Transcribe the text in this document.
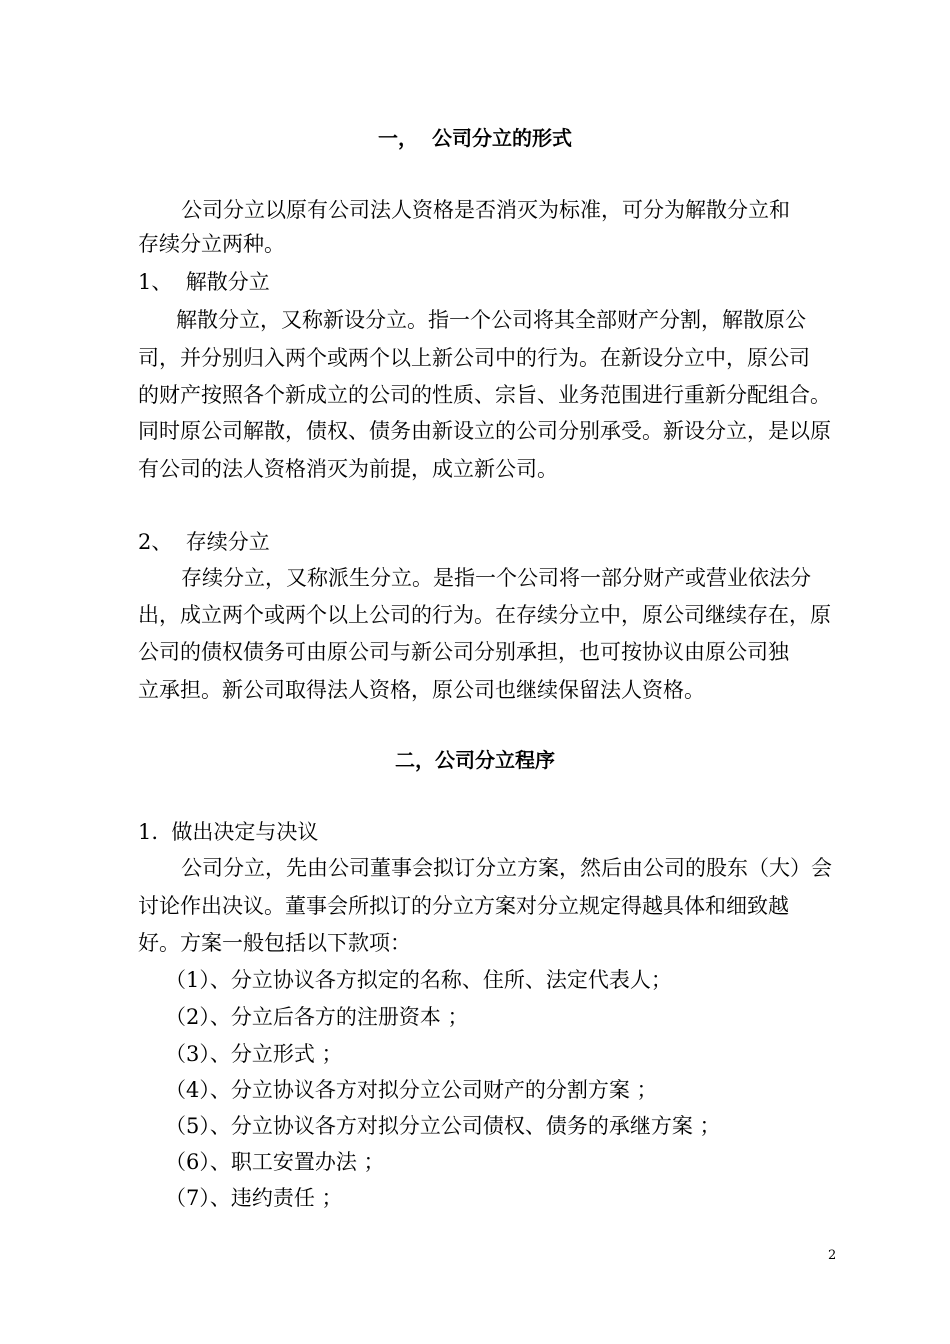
一，  公司分立的形式
公司分立以原有公司法人资格是否消灭为标准，可分为解散分立和
存续分立两种。
1、  解散分立
解散分立，又称新设分立。指一个公司将其全部财产分割，解散原公
司，并分别归入两个或两个以上新公司中的行为。在新设分立中，原公司
的财产按照各个新成立的公司的性质、宗旨、业务范围进行重新分配组合。
同时原公司解散，债权、债务由新设立的公司分别承受。新设分立，是以原
有公司的法人资格消灭为前提，成立新公司。
2、  存续分立
存续分立，又称派生分立。是指一个公司将一部分财产或营业依法分
出，成立两个或两个以上公司的行为。在存续分立中，原公司继续存在，原
公司的债权债务可由原公司与新公司分别承担，也可按协议由原公司独
立承担。新公司取得法人资格，原公司也继续保留法人资格。
二，公司分立程序
1.  做出决定与决议
公司分立，先由公司董事会拟订分立方案，然后由公司的股东（大）会
讨论作出决议。董事会所拟订的分立方案对分立规定得越具体和细致越
好。方案一般包括以下款项：
（1）、分立协议各方拟定的名称、住所、法定代表人；
（2）、分立后各方的注册资本 ；
（3）、分立形式 ；
（4）、分立协议各方对拟分立公司财产的分割方案 ；
（5）、分立协议各方对拟分立公司债权、债务的承继方案 ；
（6）、职工安置办法 ；
（7）、违约责任 ；
2
